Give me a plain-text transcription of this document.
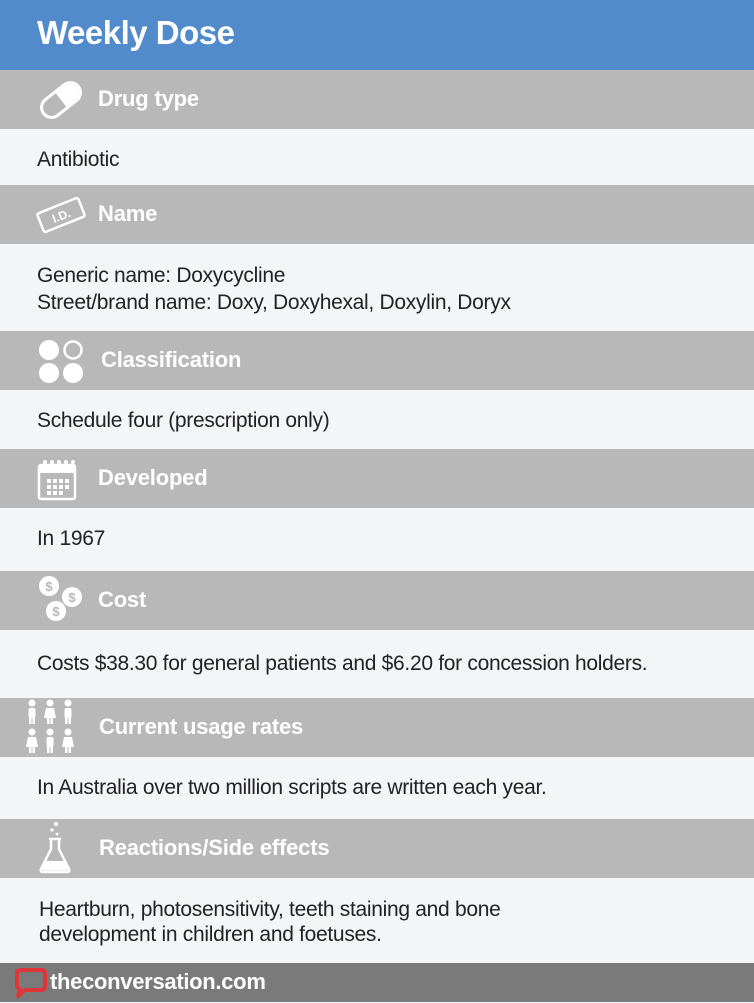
Weekly Dose
Drug type
Antibiotic
I.D. Name
Generic name: Doxycycline
Street/brand name: Doxy, Doxyhexal, Doxylin, Doryx
Classification
Schedule four (prescription only)
Developed
In 1967
$
$
$ Cost
Costs $38.30 for general patients and $6.20 for concession holders.
Current usage rates
In Australia over two million scripts are written each year.
Reactions/Side effects
Heartburn, photosensitivity, teeth staining and bone
development in children and foetuses.
theconversation.com
